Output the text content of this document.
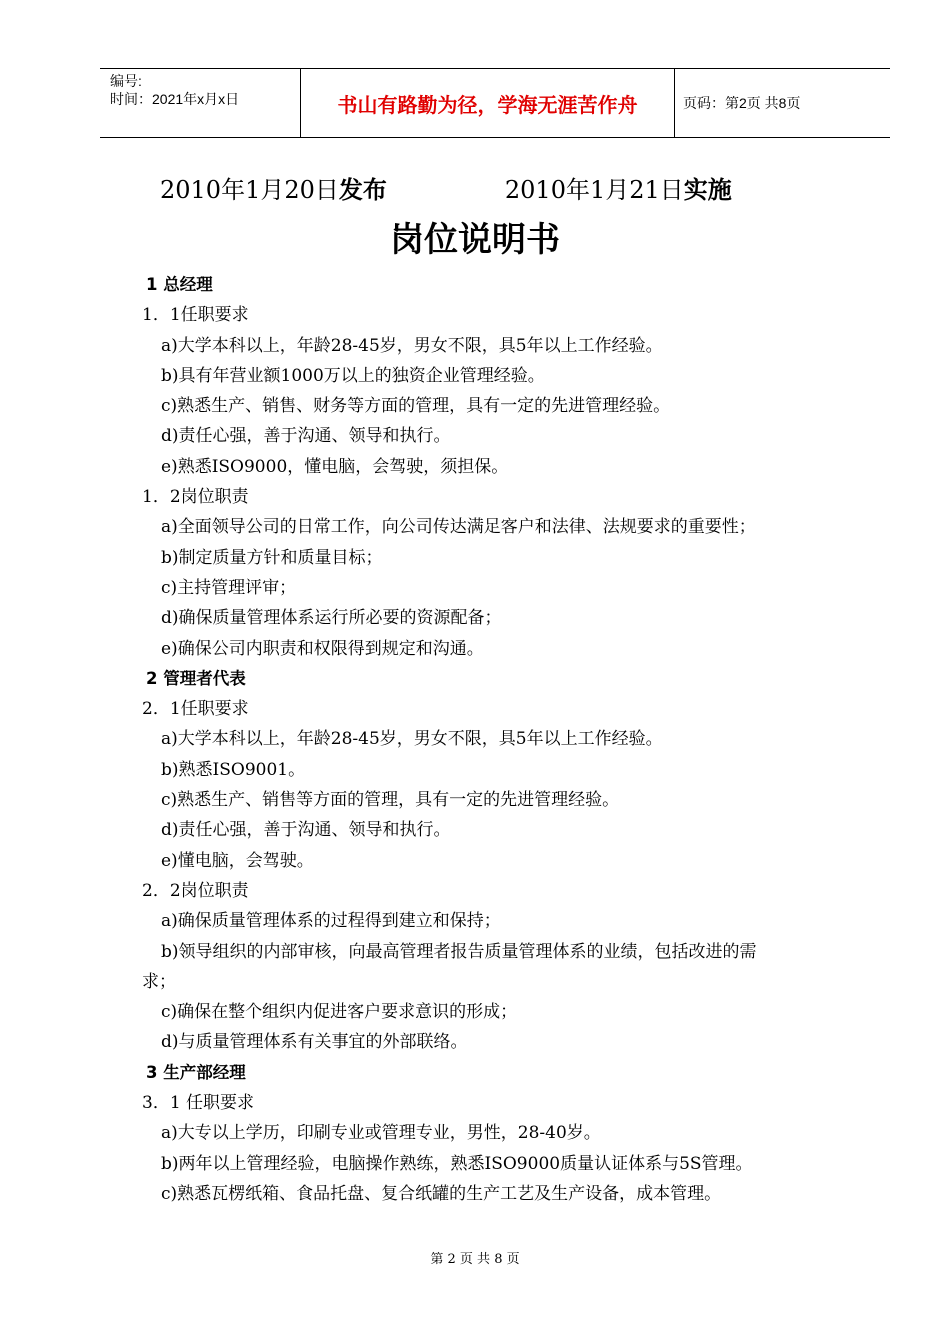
编号:
时间：2021年x月x日	书山有路勤为径，学海无涯苦作舟	页码：第2页 共8页
2010年1月20日发布	2010年1月21日实施
岗位说明书
1 总经理
1．1任职要求
a)大学本科以上，年龄28-45岁，男女不限，具5年以上工作经验。
b)具有年营业额1000万以上的独资企业管理经验。
c)熟悉生产、销售、财务等方面的管理，具有一定的先进管理经验。
d)责任心强，善于沟通、领导和执行。
e)熟悉ISO9000，懂电脑，会驾驶，须担保。
1．2岗位职责
a)全面领导公司的日常工作，向公司传达满足客户和法律、法规要求的重要性；
b)制定质量方针和质量目标；
c)主持管理评审；
d)确保质量管理体系运行所必要的资源配备；
e)确保公司内职责和权限得到规定和沟通。
2 管理者代表
2．1任职要求
a)大学本科以上，年龄28-45岁，男女不限，具5年以上工作经验。
b)熟悉ISO9001。
c)熟悉生产、销售等方面的管理，具有一定的先进管理经验。
d)责任心强，善于沟通、领导和执行。
e)懂电脑，会驾驶。
2．2岗位职责
a)确保质量管理体系的过程得到建立和保持；
b)领导组织的内部审核，向最高管理者报告质量管理体系的业绩，包括改进的需
求；
c)确保在整个组织内促进客户要求意识的形成；
d)与质量管理体系有关事宜的外部联络。
3 生产部经理
3．1 任职要求
a)大专以上学历，印刷专业或管理专业，男性，28-40岁。
b)两年以上管理经验，电脑操作熟练，熟悉ISO9000质量认证体系与5S管理。
c)熟悉瓦楞纸箱、食品托盘、复合纸罐的生产工艺及生产设备，成本管理。
第 2 页 共 8 页
